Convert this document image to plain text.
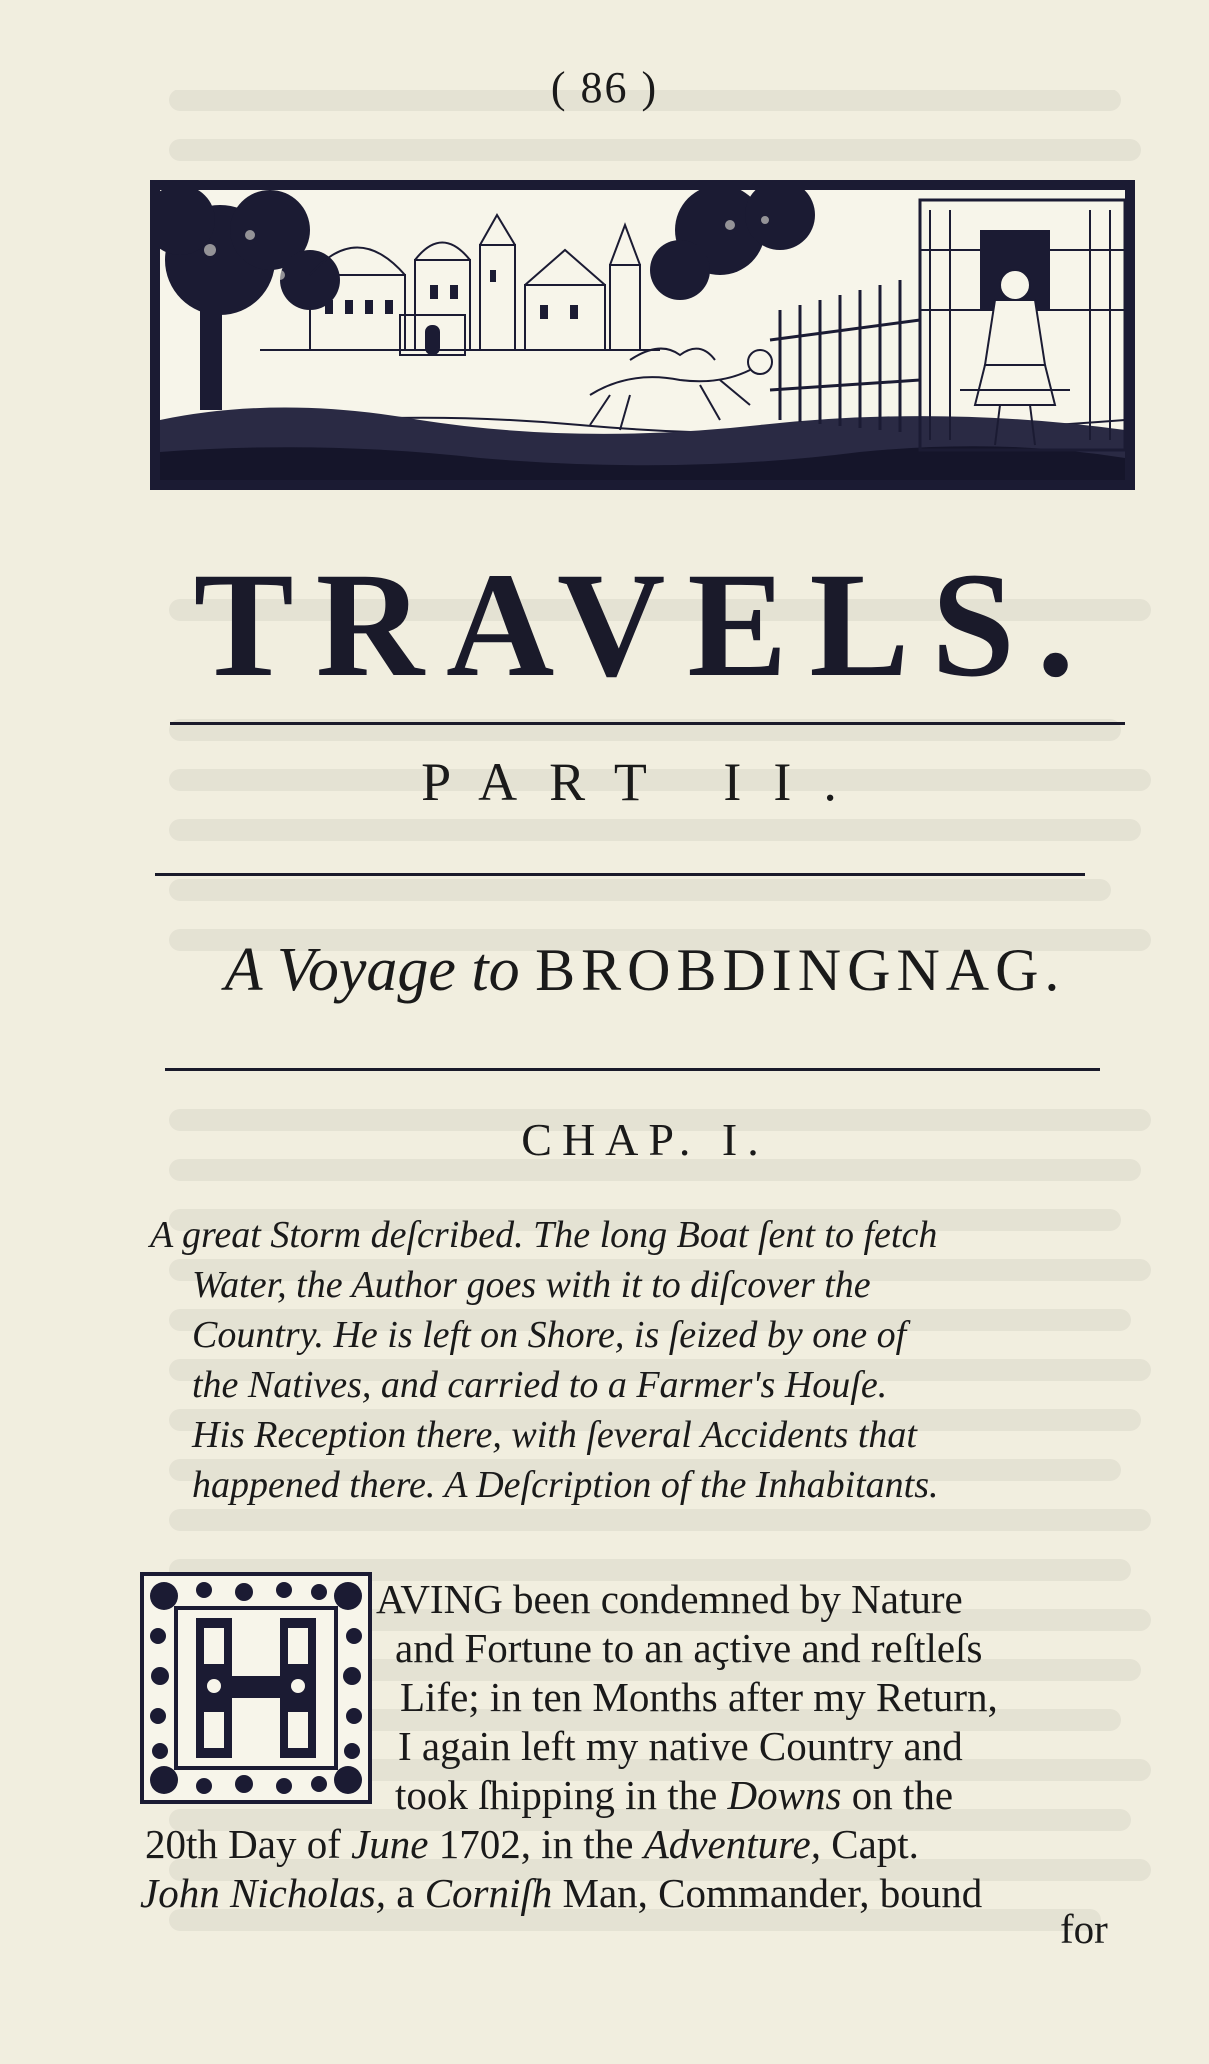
( 86 )
TRAVELS.
PART II.
A Voyage to BROBDINGNAG.
CHAP. I.
A great Storm deſcribed. The long Boat ſent to fetch
Water, the Author goes with it to diſcover the
Country. He is left on Shore, is ſeized by one of
the Natives, and carried to a Farmer's Houſe.
His Reception there, with ſeveral Accidents that
happened there. A Deſcription of the Inhabitants.
AVING been condemned by Nature
and Fortune to an aҫtive and reſtleſs
Life; in ten Months after my Return,
I again left my native Country and
took ſhipping in the Downs on the
20th Day of June 1702, in the Adventure, Capt.
John Nicholas, a Corniſh Man, Commander, bound
for
